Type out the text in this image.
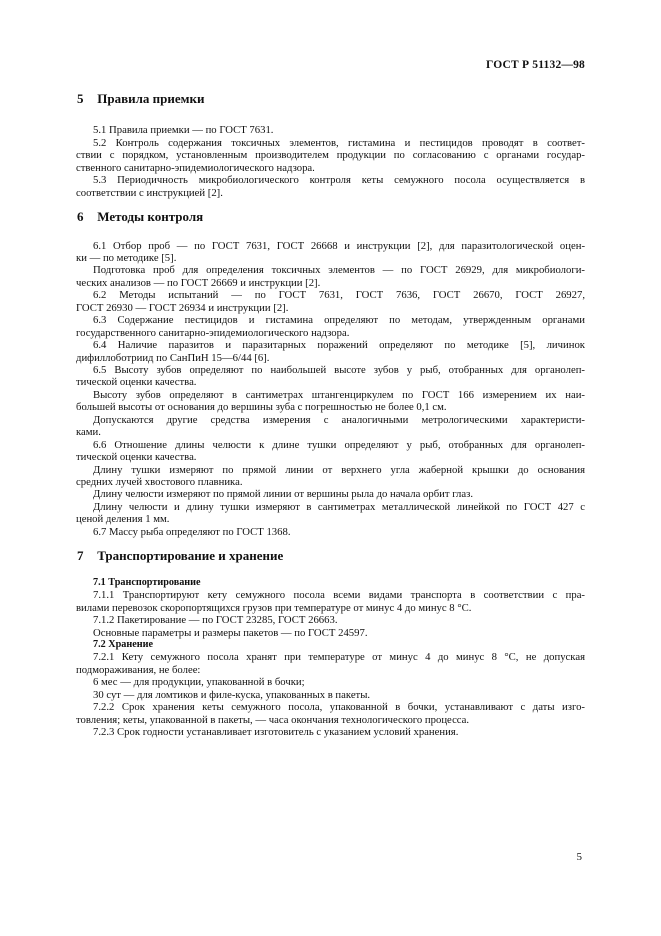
ГОСТ Р 51132—98
5 Правила приемки
5.1 Правила приемки — по ГОСТ 7631.
5.2 Контроль содержания токсичных элементов, гистамина и пестицидов проводят в соответ-
ствии с порядком, установленным производителем продукции по согласованию с органами государ-
ственного санитарно-эпидемиологического надзора.
5.3 Периодичность микробиологического контроля кеты семужного посола осуществляется в
соответствии с инструкцией [2].
6 Методы контроля
6.1 Отбор проб — по ГОСТ 7631, ГОСТ 26668 и инструкции [2], для паразитологической оцен-
ки — по методике [5].
Подготовка проб для определения токсичных элементов — по ГОСТ 26929, для микробиологи-
ческих анализов — по ГОСТ 26669 и инструкции [2].
6.2 Методы испытаний — по ГОСТ 7631, ГОСТ 7636, ГОСТ 26670, ГОСТ 26927,
ГОСТ 26930 — ГОСТ 26934 и инструкции [2].
6.3 Содержание пестицидов и гистамина определяют по методам, утвержденным органами
государственного санитарно-эпидемиологического надзора.
6.4 Наличие паразитов и паразитарных поражений определяют по методике [5], личинок
дифиллоботриид по СанПиН 15—6/44 [6].
6.5 Высоту зубов определяют по наибольшей высоте зубов у рыб, отобранных для органолеп-
тической оценки качества.
Высоту зубов определяют в сантиметрах штангенциркулем по ГОСТ 166 измерением их наи-
большей высоты от основания до вершины зуба с погрешностью не более 0,1 см.
Допускаются другие средства измерения с аналогичными метрологическими характеристи-
ками.
6.6 Отношение длины челюсти к длине тушки определяют у рыб, отобранных для органолеп-
тической оценки качества.
Длину тушки измеряют по прямой линии от верхнего угла жаберной крышки до основания
средних лучей хвостового плавника.
Длину челюсти измеряют по прямой линии от вершины рыла до начала орбит глаз.
Длину челюсти и длину тушки измеряют в сантиметрах металлической линейкой по ГОСТ 427 с
ценой деления 1 мм.
6.7 Массу рыба определяют по ГОСТ 1368.
7 Транспортирование и хранение
7.1 Транспортирование
7.1.1 Транспортируют кету семужного посола всеми видами транспорта в соответствии с пра-
вилами перевозок скоропортящихся грузов при температуре от минус 4 до минус 8 °С.
7.1.2 Пакетирование — по ГОСТ 23285, ГОСТ 26663.
Основные параметры и размеры пакетов — по ГОСТ 24597.
7.2 Хранение
7.2.1 Кету семужного посола хранят при температуре от минус 4 до минус 8 °С, не допуская
подмораживания, не более:
6 мес — для продукции, упакованной в бочки;
30 сут — для ломтиков и филе-куска, упакованных в пакеты.
7.2.2 Срок хранения кеты семужного посола, упакованной в бочки, устанавливают с даты изго-
товления; кеты, упакованной в пакеты, — часа окончания технологического процесса.
7.2.3 Срок годности устанавливает изготовитель с указанием условий хранения.
5
